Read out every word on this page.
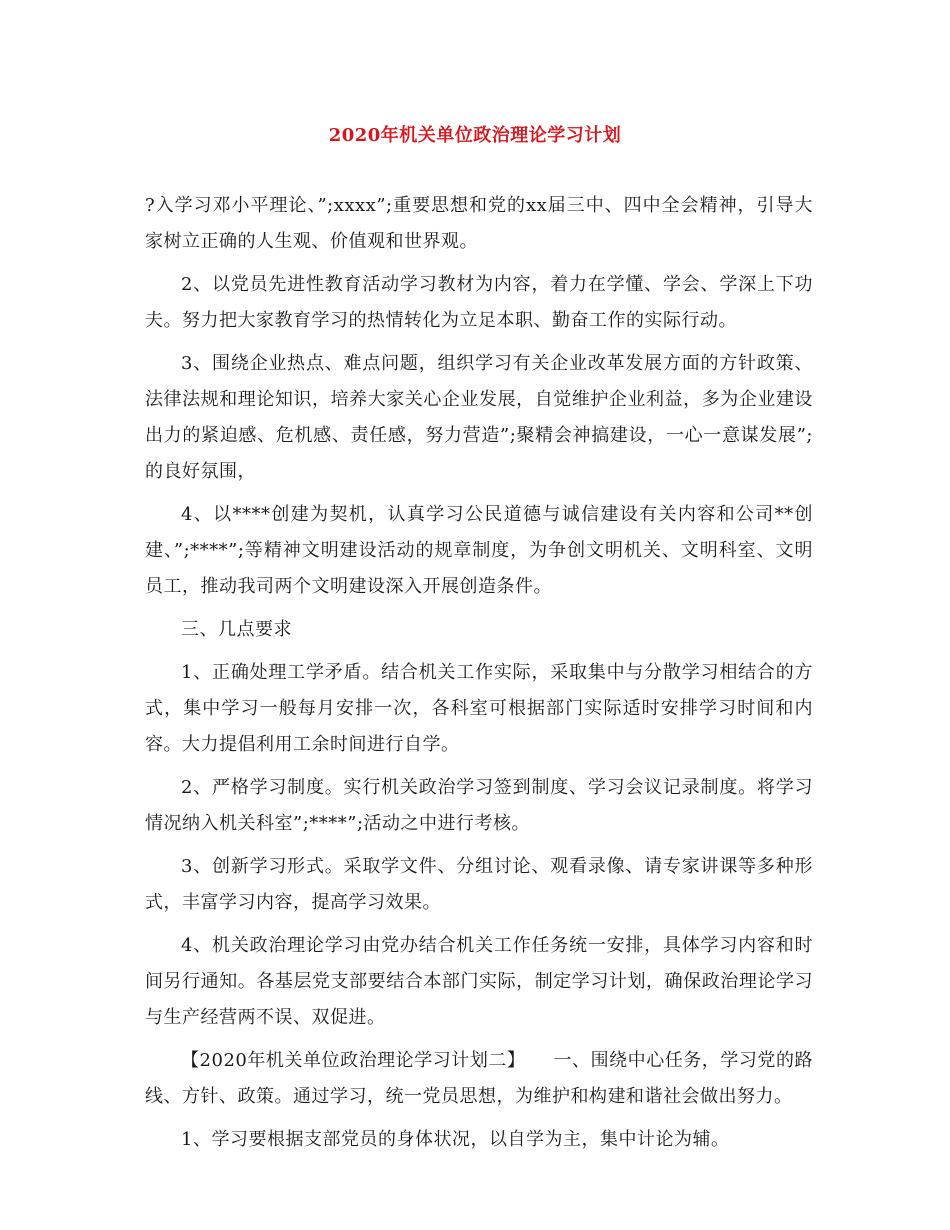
2020年机关单位政治理论学习计划

?入学习邓小平理论、”;xxxx”;重要思想和党的xx届三中、四中全会精神，引导大家树立正确的人生观、价值观和世界观。

2、以党员先进性教育活动学习教材为内容，着力在学懂、学会、学深上下功夫。努力把大家教育学习的热情转化为立足本职、勤奋工作的实际行动。

3、围绕企业热点、难点问题，组织学习有关企业改革发展方面的方针政策、法律法规和理论知识，培养大家关心企业发展，自觉维护企业利益，多为企业建设出力的紧迫感、危机感、责任感，努力营造”;聚精会神搞建设，一心一意谋发展”;的良好氛围，

4、以****创建为契机，认真学习公民道德与诚信建设有关内容和公司**创建、”;****”;等精神文明建设活动的规章制度，为争创文明机关、文明科室、文明员工，推动我司两个文明建设深入开展创造条件。

三、几点要求

1、正确处理工学矛盾。结合机关工作实际，采取集中与分散学习相结合的方式，集中学习一般每月安排一次，各科室可根据部门实际适时安排学习时间和内容。大力提倡利用工余时间进行自学。

2、严格学习制度。实行机关政治学习签到制度、学习会议记录制度。将学习情况纳入机关科室”;****”;活动之中进行考核。

3、创新学习形式。采取学文件、分组讨论、观看录像、请专家讲课等多种形式，丰富学习内容，提高学习效果。

4、机关政治理论学习由党办结合机关工作任务统一安排，具体学习内容和时间另行通知。各基层党支部要结合本部门实际，制定学习计划，确保政治理论学习与生产经营两不误、双促进。

【2020年机关单位政治理论学习计划二】　　一、围绕中心任务，学习党的路线、方针、政策。通过学习，统一党员思想，为维护和构建和谐社会做出努力。

1、学习要根据支部党员的身体状况，以自学为主，集中计论为辅。
